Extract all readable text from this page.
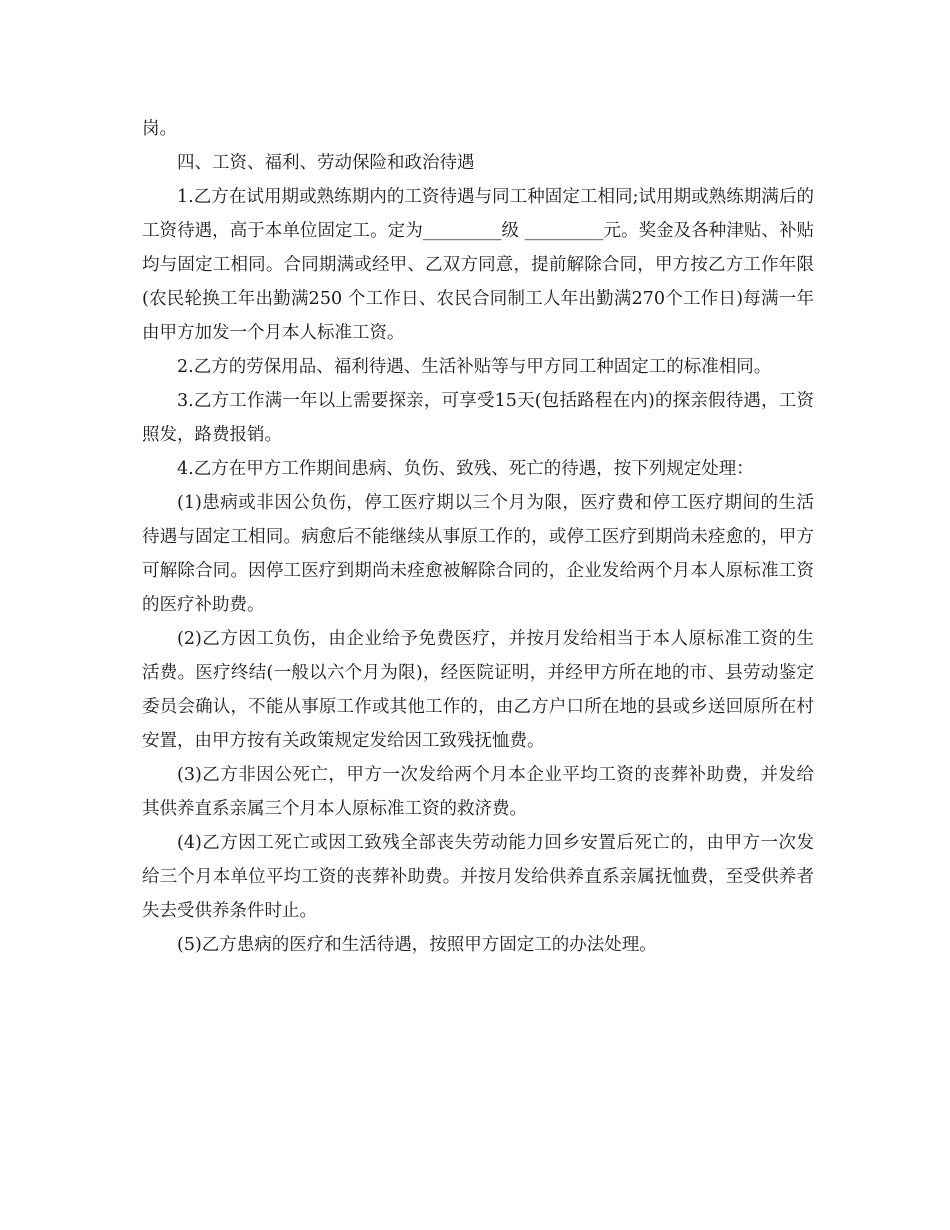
岗。

四、工资、福利、劳动保险和政治待遇

1.乙方在试用期或熟练期内的工资待遇与同工种固定工相同;试用期或熟练期满后的工资待遇，高于本单位固定工。定为_________级 _________元。奖金及各种津贴、补贴均与固定工相同。合同期满或经甲、乙双方同意，提前解除合同，甲方按乙方工作年限(农民轮换工年出勤满250 个工作日、农民合同制工人年出勤满270个工作日)每满一年由甲方加发一个月本人标准工资。

2.乙方的劳保用品、福利待遇、生活补贴等与甲方同工种固定工的标准相同。

3.乙方工作满一年以上需要探亲，可享受15天(包括路程在内)的探亲假待遇，工资照发，路费报销。

4.乙方在甲方工作期间患病、负伤、致残、死亡的待遇，按下列规定处理：

(1)患病或非因公负伤，停工医疗期以三个月为限，医疗费和停工医疗期间的生活待遇与固定工相同。病愈后不能继续从事原工作的，或停工医疗到期尚未痊愈的，甲方可解除合同。因停工医疗到期尚未痊愈被解除合同的，企业发给两个月本人原标准工资的医疗补助费。

(2)乙方因工负伤，由企业给予免费医疗，并按月发给相当于本人原标准工资的生活费。医疗终结(一般以六个月为限)，经医院证明，并经甲方所在地的市、县劳动鉴定委员会确认，不能从事原工作或其他工作的，由乙方户口所在地的县或乡送回原所在村安置，由甲方按有关政策规定发给因工致残抚恤费。

(3)乙方非因公死亡，甲方一次发给两个月本企业平均工资的丧葬补助费，并发给其供养直系亲属三个月本人原标准工资的救济费。

(4)乙方因工死亡或因工致残全部丧失劳动能力回乡安置后死亡的，由甲方一次发给三个月本单位平均工资的丧葬补助费。并按月发给供养直系亲属抚恤费，至受供养者失去受供养条件时止。

(5)乙方患病的医疗和生活待遇，按照甲方固定工的办法处理。
